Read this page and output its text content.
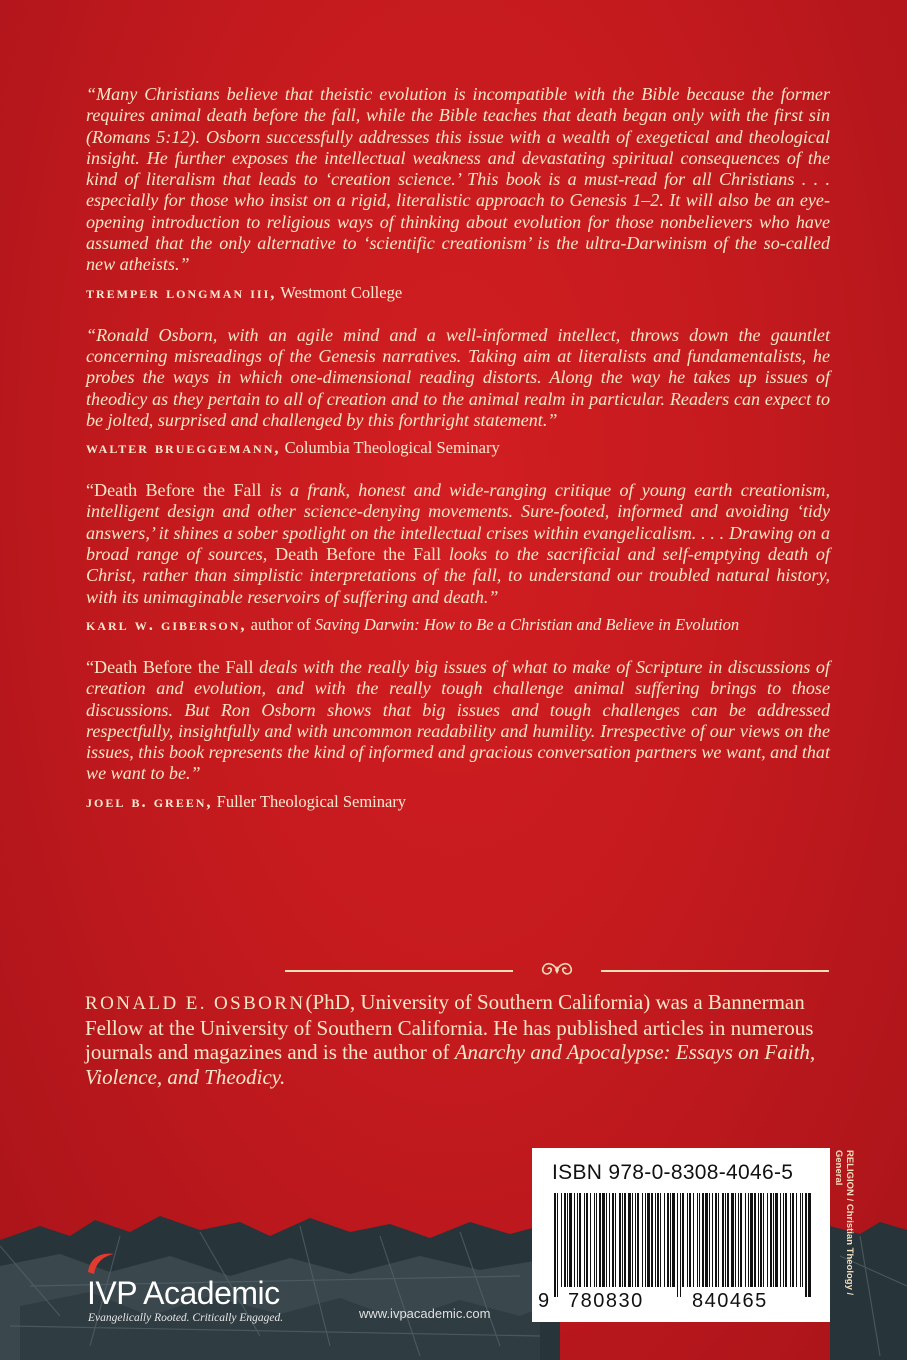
“Many Christians believe that theistic evolution is incompatible with the Bible because the former requires animal death before the fall, while the Bible teaches that death began only with the first sin (Romans 5:12). Osborn successfully addresses this issue with a wealth of exegetical and theological insight. He further exposes the intellectual weakness and devastating spiritual consequences of the kind of literalism that leads to ‘creation science.’ This book is a must-read for all Christians . . . especially for those who insist on a rigid, literalistic approach to Genesis 1–2. It will also be an eye-opening introduction to religious ways of thinking about evolution for those nonbelievers who have assumed that the only alternative to ‘scientific creationism’ is the ultra-Darwinism of the so-called new atheists.”

tremper longman iii, Westmont College

“Ronald Osborn, with an agile mind and a well-informed intellect, throws down the gauntlet concerning misreadings of the Genesis narratives. Taking aim at literalists and fundamentalists, he probes the ways in which one-dimensional reading distorts. Along the way he takes up issues of theodicy as they pertain to all of creation and to the animal realm in particular. Readers can expect to be jolted, surprised and challenged by this forthright statement.”

walter brueggemann, Columbia Theological Seminary

“Death Before the Fall is a frank, honest and wide-ranging critique of young earth creationism, intelligent design and other science-denying movements. Sure-footed, informed and avoiding ‘tidy answers,’ it shines a sober spotlight on the intellectual crises within evangelicalism. . . . Drawing on a broad range of sources, Death Before the Fall looks to the sacrificial and self-emptying death of Christ, rather than simplistic interpretations of the fall, to understand our troubled natural history, with its unimaginable reservoirs of suffering and death.”

karl w. giberson, author of Saving Darwin: How to Be a Christian and Believe in Evolution

“Death Before the Fall deals with the really big issues of what to make of Scripture in discussions of creation and evolution, and with the really tough challenge animal suffering brings to those discussions. But Ron Osborn shows that big issues and tough challenges can be addressed respectfully, insightfully and with uncommon readability and humility. Irrespective of our views on the issues, this book represents the kind of informed and gracious conversation partners we want, and that we want to be.”

joel b. green, Fuller Theological Seminary

RONALD E. OSBORN(PhD, University of Southern California) was a Bannerman Fellow at the University of Southern California. He has published articles in numerous journals and magazines and is the author of Anarchy and Apocalypse: Essays on Faith, Violence, and Theodicy.
ISBN 978-0-8308-4046-5
9 780830 840465
RELIGION / Christian Theology /
General
IVP Academic
Evangelically Rooted. Critically Engaged.	www.ivpacademic.com
